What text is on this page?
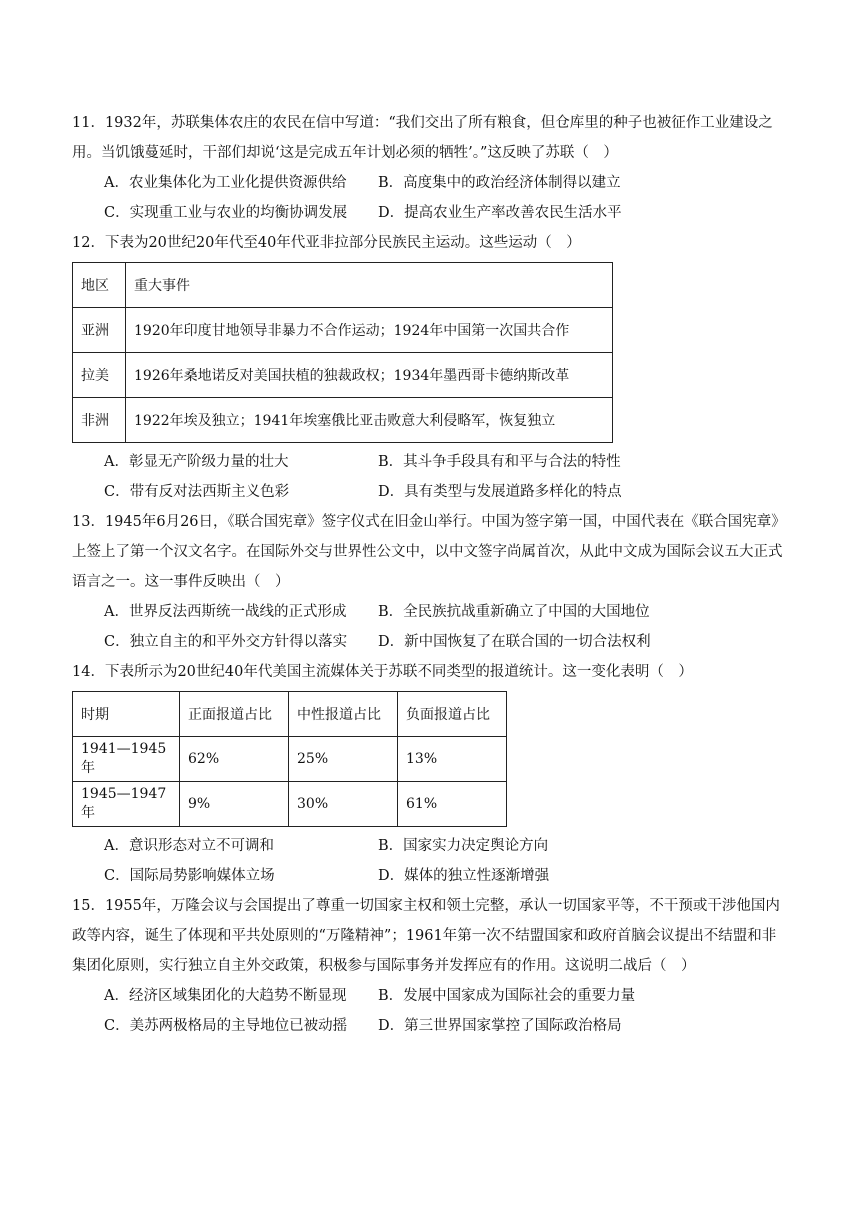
11．1932年，苏联集体农庄的农民在信中写道：“我们交出了所有粮食，但仓库里的种子也被征作工业建设之用。当饥饿蔓延时，干部们却说‘这是完成五年计划必须的牺牲’。”这反映了苏联（　）

A．农业集体化为工业化提供资源供给	B．高度集中的政治经济体制得以建立
C．实现重工业与农业的均衡协调发展	D．提高农业生产率改善农民生活水平

12．下表为20世纪20年代至40年代亚非拉部分民族民主运动。这些运动（　）

地区	重大事件
亚洲	1920年印度甘地领导非暴力不合作运动；1924年中国第一次国共合作
拉美	1926年桑地诺反对美国扶植的独裁政权；1934年墨西哥卡德纳斯改革
非洲	1922年埃及独立；1941年埃塞俄比亚击败意大利侵略军，恢复独立
A．彰显无产阶级力量的壮大	B．其斗争手段具有和平与合法的特性
C．带有反对法西斯主义色彩	D．具有类型与发展道路多样化的特点

13．1945年6月26日，《联合国宪章》签字仪式在旧金山举行。中国为签字第一国，中国代表在《联合国宪章》上签上了第一个汉文名字。在国际外交与世界性公文中，以中文签字尚属首次，从此中文成为国际会议五大正式语言之一。这一事件反映出（　）

A．世界反法西斯统一战线的正式形成	B．全民族抗战重新确立了中国的大国地位
C．独立自主的和平外交方针得以落实	D．新中国恢复了在联合国的一切合法权利

14．下表所示为20世纪40年代美国主流媒体关于苏联不同类型的报道统计。这一变化表明（　）

时期	正面报道占比	中性报道占比	负面报道占比
1941—1945年	62%	25%	13%
1945—1947年	9%	30%	61%
A．意识形态对立不可调和	B．国家实力决定舆论方向
C．国际局势影响媒体立场	D．媒体的独立性逐渐增强

15．1955年，万隆会议与会国提出了尊重一切国家主权和领土完整，承认一切国家平等，不干预或干涉他国内政等内容，诞生了体现和平共处原则的“万隆精神”；1961年第一次不结盟国家和政府首脑会议提出不结盟和非集团化原则，实行独立自主外交政策，积极参与国际事务并发挥应有的作用。这说明二战后（　）

A．经济区域集团化的大趋势不断显现	B．发展中国家成为国际社会的重要力量
C．美苏两极格局的主导地位已被动摇	D．第三世界国家掌控了国际政治格局
